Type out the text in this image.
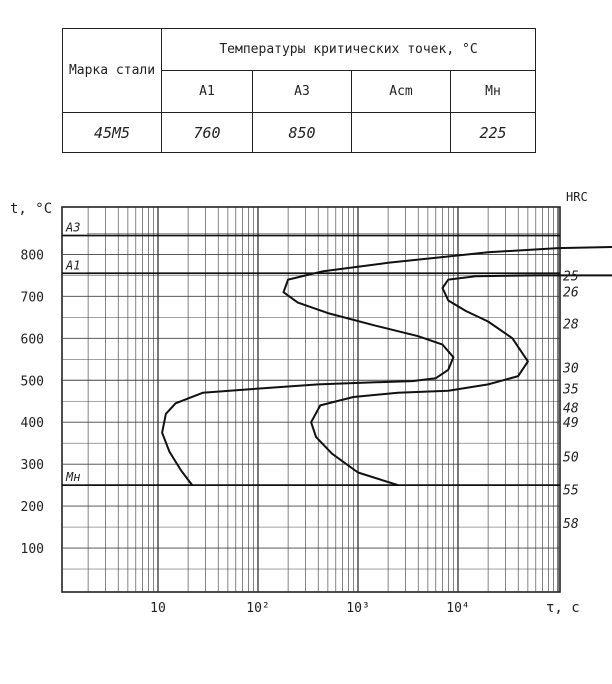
Марка стали	Температуры критических точек, °С			
	A1	A3	Acm	Mн
45М5	760	850		225
A3
A1
Mн
100
200
300
400
500
600
700
800
t, °С
10	10²	10³	10⁴	τ, с
HRC
25
26
28
30
35
48
49
50
55
58
